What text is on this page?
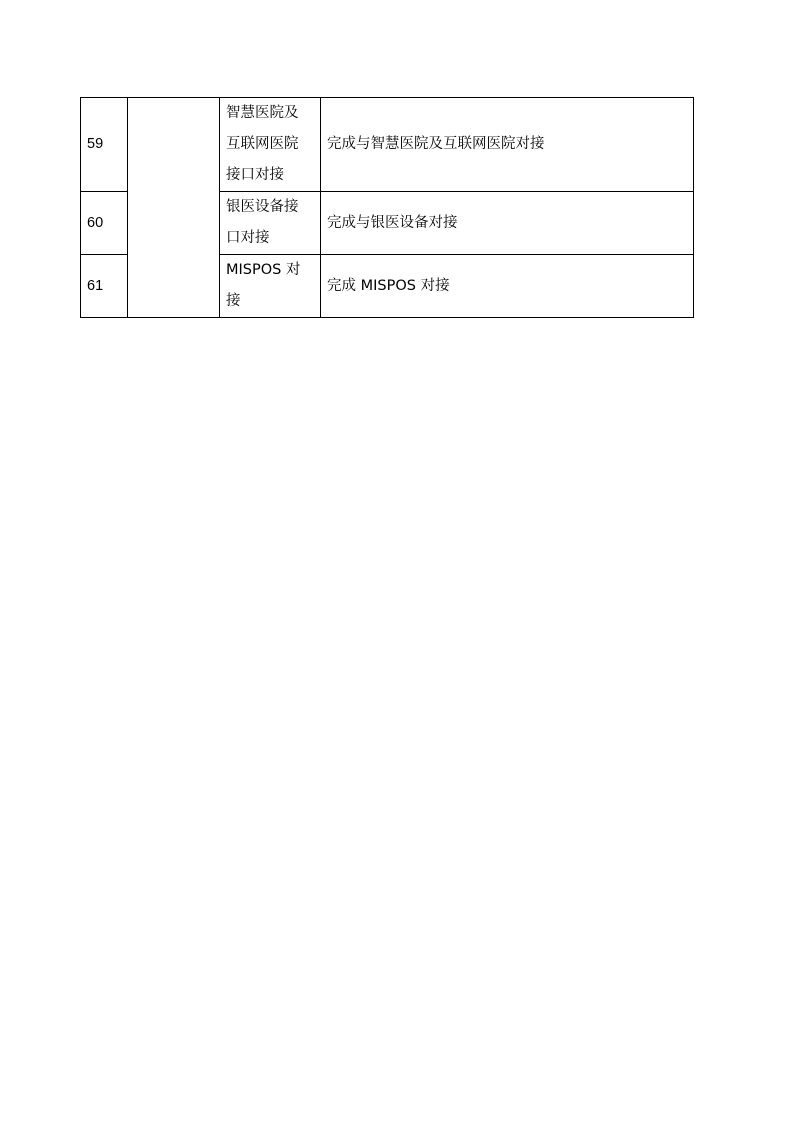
59		智慧医院及
互联网医院
接口对接	完成与智慧医院及互联网医院对接
60		银医设备接
口对接	完成与银医设备对接
61		MISPOS 对接	完成 MISPOS 对接
